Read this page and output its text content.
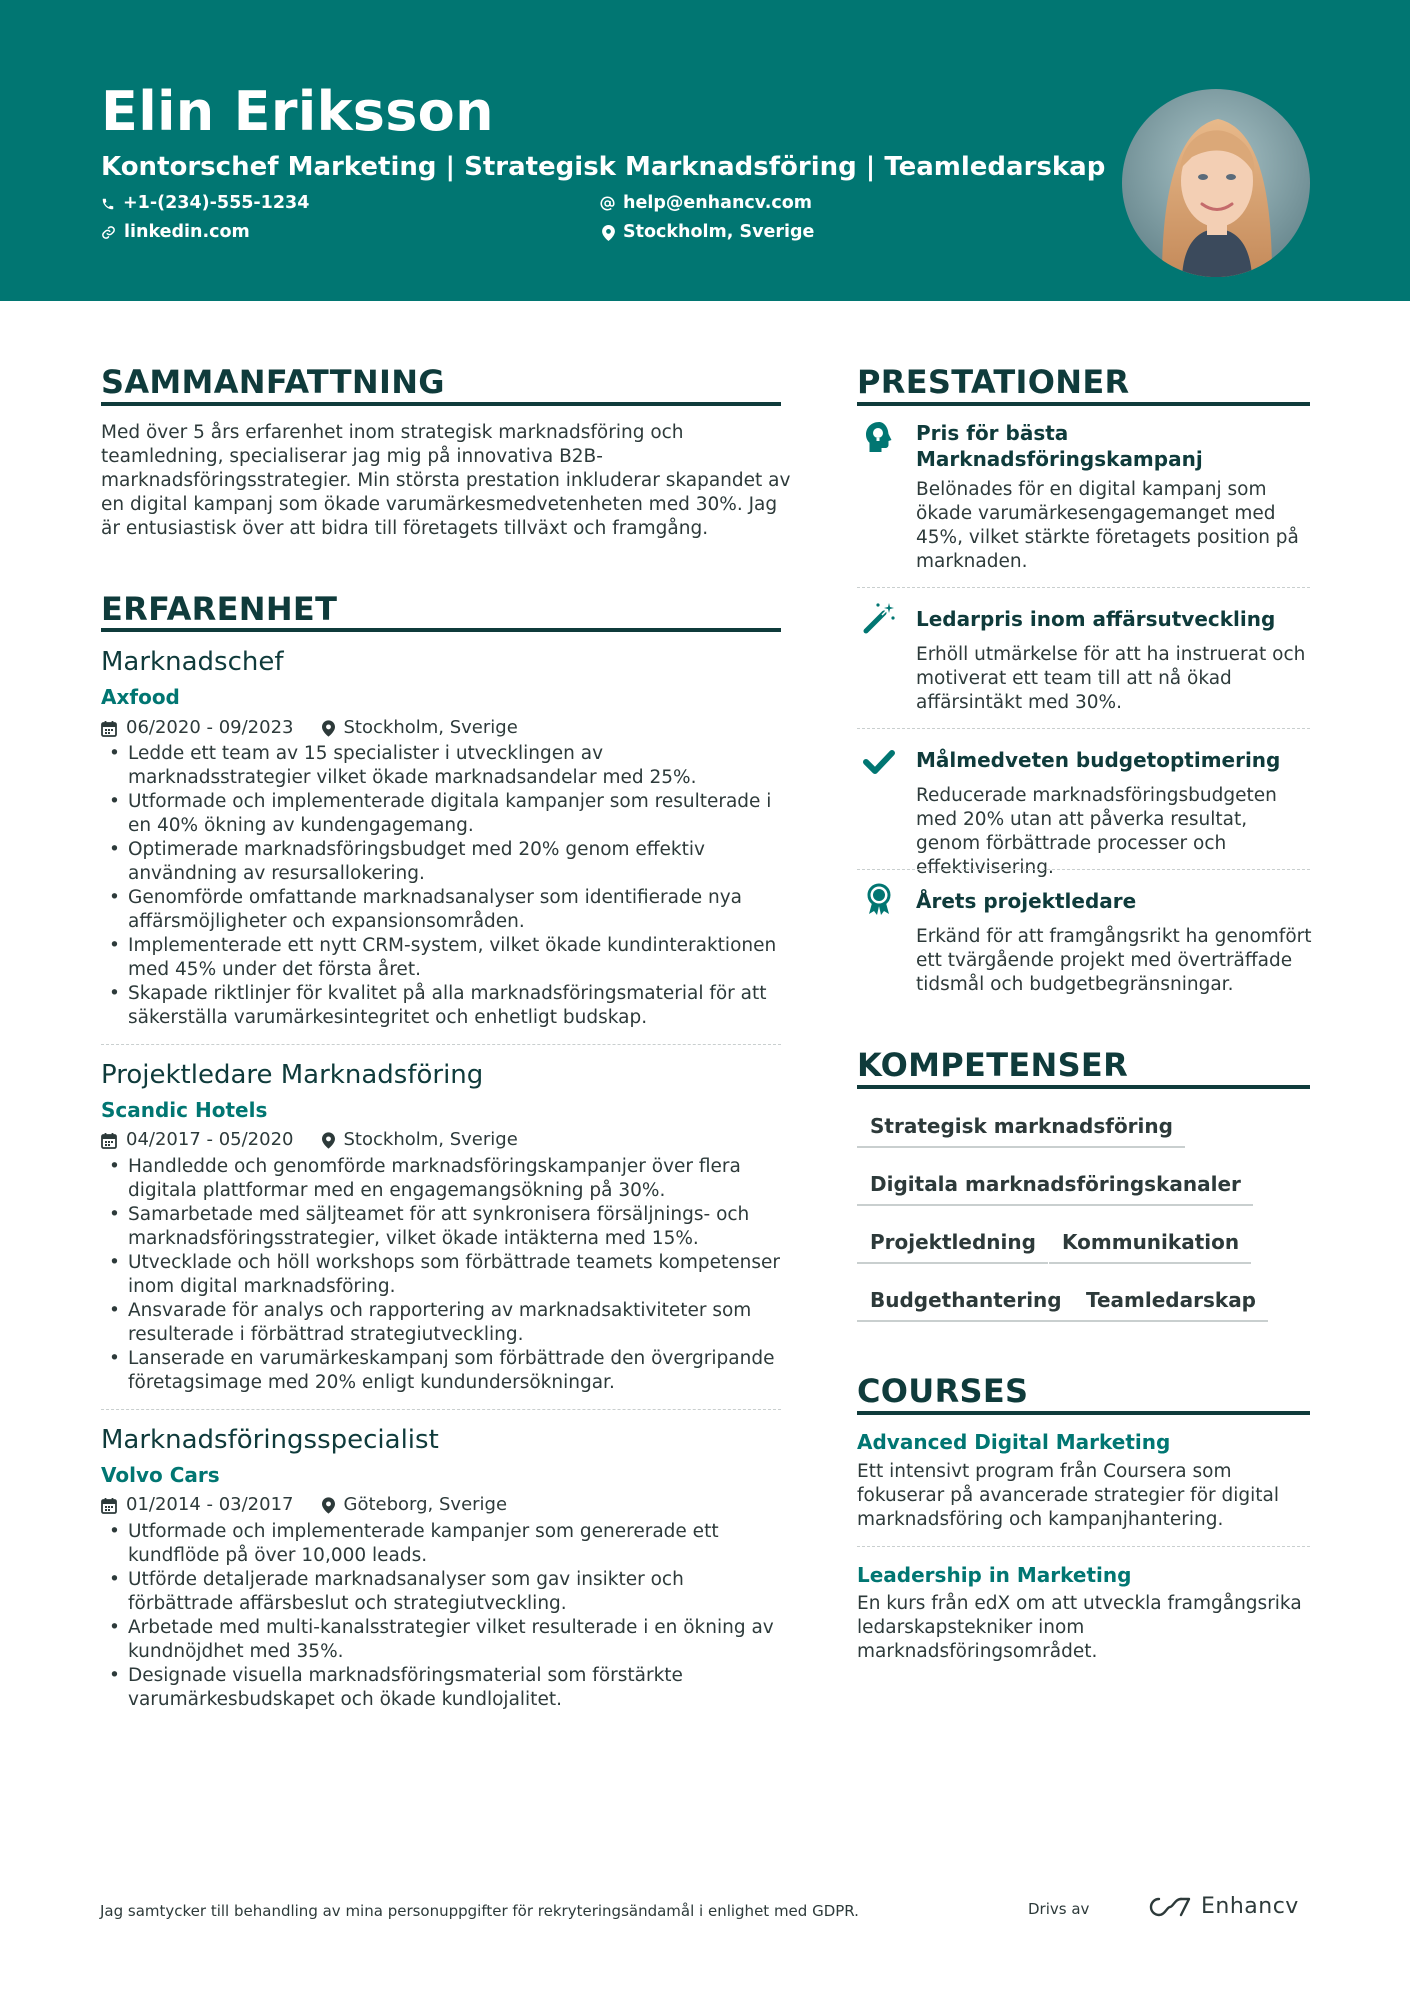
Elin Eriksson
Kontorschef Marketing | Strategisk Marknadsföring | Teamledarskap
+1-(234)-555-1234	help@enhancv.com
linkedin.com	Stockholm, Sverige
SAMMANFATTNING
Med över 5 års erfarenhet inom strategisk marknadsföring och teamledning, specialiserar jag mig på innovativa B2B-marknadsföringsstrategier. Min största prestation inkluderar skapandet av en digital kampanj som ökade varumärkesmedvetenheten med 30%. Jag är entusiastisk över att bidra till företagets tillväxt och framgång.
ERFARENHET
Marknadschef
Axfood
06/2020 - 09/2023	Stockholm, Sverige
• Ledde ett team av 15 specialister i utvecklingen av marknadsstrategier vilket ökade marknadsandelar med 25%.
• Utformade och implementerade digitala kampanjer som resulterade i en 40% ökning av kundengagemang.
• Optimerade marknadsföringsbudget med 20% genom effektiv användning av resursallokering.
• Genomförde omfattande marknadsanalyser som identifierade nya affärsmöjligheter och expansionsområden.
• Implementerade ett nytt CRM-system, vilket ökade kundinteraktionen med 45% under det första året.
• Skapade riktlinjer för kvalitet på alla marknadsföringsmaterial för att säkerställa varumärkesintegritet och enhetligt budskap.
Projektledare Marknadsföring
Scandic Hotels
04/2017 - 05/2020	Stockholm, Sverige
• Handledde och genomförde marknadsföringskampanjer över flera digitala plattformar med en engagemangsökning på 30%.
• Samarbetade med säljteamet för att synkronisera försäljnings- och marknadsföringsstrategier, vilket ökade intäkterna med 15%.
• Utvecklade och höll workshops som förbättrade teamets kompetenser inom digital marknadsföring.
• Ansvarade för analys och rapportering av marknadsaktiviteter som resulterade i förbättrad strategiutveckling.
• Lanserade en varumärkeskampanj som förbättrade den övergripande företagsimage med 20% enligt kundundersökningar.
Marknadsföringsspecialist
Volvo Cars
01/2014 - 03/2017	Göteborg, Sverige
• Utformade och implementerade kampanjer som genererade ett kundflöde på över 10,000 leads.
• Utförde detaljerade marknadsanalyser som gav insikter och förbättrade affärsbeslut och strategiutveckling.
• Arbetade med multi-kanalsstrategier vilket resulterade i en ökning av kundnöjdhet med 35%.
• Designade visuella marknadsföringsmaterial som förstärkte varumärkesbudskapet och ökade kundlojalitet.
PRESTATIONER
Pris för bästa Marknadsföringskampanj
Belönades för en digital kampanj som ökade varumärkesengagemanget med 45%, vilket stärkte företagets position på marknaden.
Ledarpris inom affärsutveckling
Erhöll utmärkelse för att ha instruerat och motiverat ett team till att nå ökad affärsintäkt med 30%.
Målmedveten budgetoptimering
Reducerade marknadsföringsbudgeten med 20% utan att påverka resultat, genom förbättrade processer och effektivisering.
Årets projektledare
Erkänd för att framgångsrikt ha genomfört ett tvärgående projekt med överträffade tidsmål och budgetbegränsningar.
KOMPETENSER
Strategisk marknadsföring
Digitala marknadsföringskanaler
Projektledning	Kommunikation
Budgethantering	Teamledarskap
COURSES
Advanced Digital Marketing
Ett intensivt program från Coursera som fokuserar på avancerade strategier för digital marknadsföring och kampanjhantering.
Leadership in Marketing
En kurs från edX om att utveckla framgångsrika ledarskapstekniker inom marknadsföringsområdet.
Jag samtycker till behandling av mina personuppgifter för rekryteringsändamål i enlighet med GDPR.	Drivs av	Enhancv
